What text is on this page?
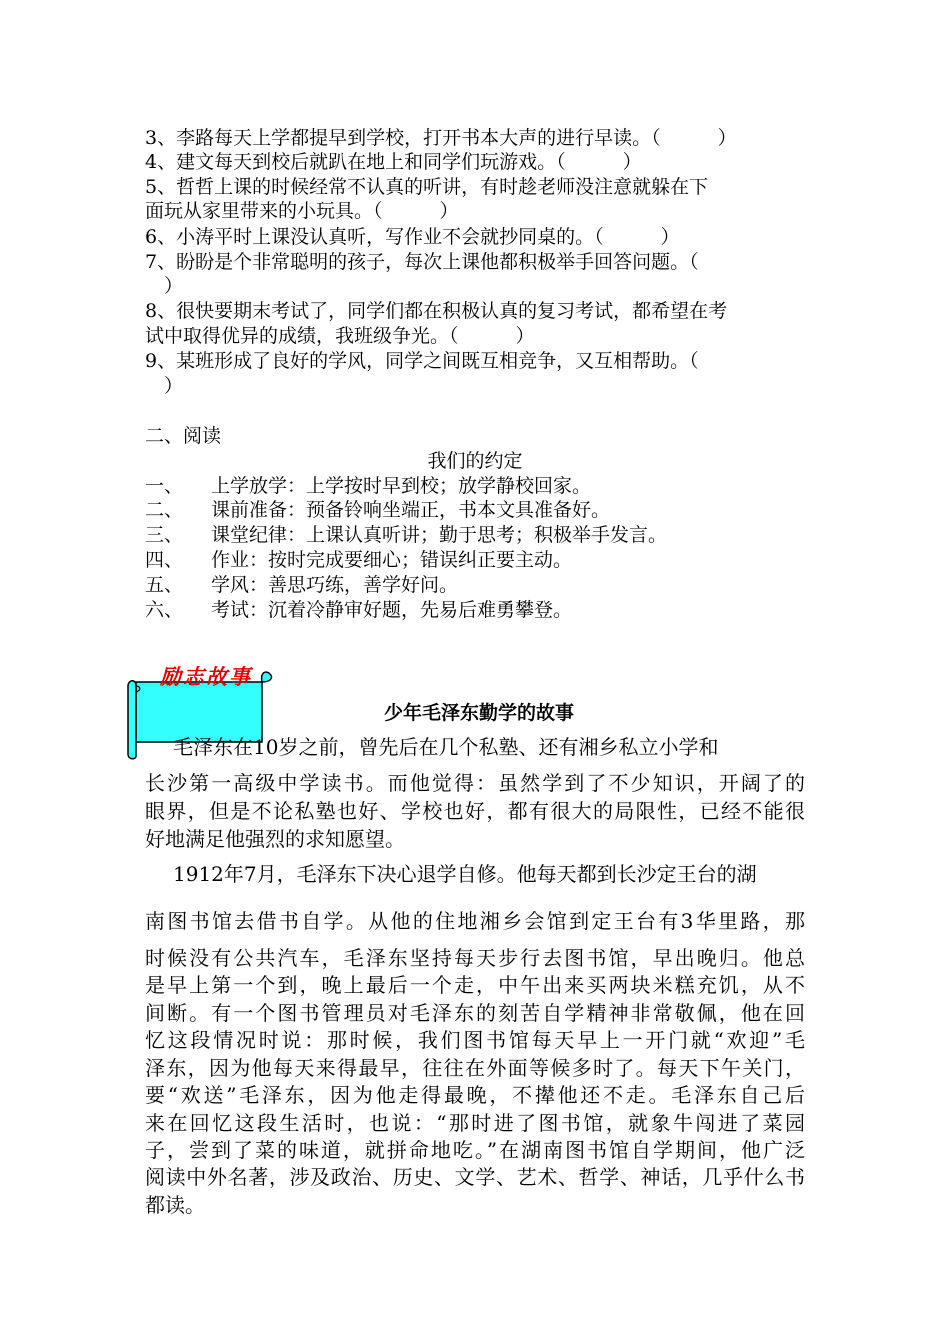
3、李路每天上学都提早到学校，打开书本大声的进行早读。（　　　）
4、建文每天到校后就趴在地上和同学们玩游戏。（　　　）
5、哲哲上课的时候经常不认真的听讲，有时趁老师没注意就躲在下
面玩从家里带来的小玩具。（　　　）
6、小涛平时上课没认真听，写作业不会就抄同桌的。（　　　）
7、盼盼是个非常聪明的孩子，每次上课他都积极举手回答问题。（
　）
8、很快要期末考试了，同学们都在积极认真的复习考试，都希望在考
试中取得优异的成绩，我班级争光。（　　　）
9、某班形成了良好的学风，同学之间既互相竞争，又互相帮助。（
　）
二、阅读
我们的约定
一、 上学放学：上学按时早到校；放学静校回家。
二、 课前准备：预备铃响坐端正，书本文具准备好。
三、 课堂纪律：上课认真听讲；勤于思考；积极举手发言。
四、 作业：按时完成要细心；错误纠正要主动。
五、 学风：善思巧练，善学好问。
六、 考试：沉着冷静审好题，先易后难勇攀登。
励志故事
少年毛泽东勤学的故事
毛泽东在10岁之前，曾先后在几个私塾、还有湘乡私立小学和
长沙第一高级中学读书。而他觉得：虽然学到了不少知识，开阔了的
眼界，但是不论私塾也好、学校也好，都有很大的局限性，已经不能很
好地满足他强烈的求知愿望。
1912年7月，毛泽东下决心退学自修。他每天都到长沙定王台的湖
南图书馆去借书自学。从他的住地湘乡会馆到定王台有3华里路，那
时候没有公共汽车，毛泽东坚持每天步行去图书馆，早出晚归。他总
是早上第一个到，晚上最后一个走，中午出来买两块米糕充饥，从不
间断。有一个图书管理员对毛泽东的刻苦自学精神非常敬佩，他在回
忆这段情况时说：那时候，我们图书馆每天早上一开门就“欢迎”毛
泽东，因为他每天来得最早，往往在外面等候多时了。每天下午关门，
要“欢送”毛泽东，因为他走得最晚，不撵他还不走。毛泽东自己后
来在回忆这段生活时，也说：“那时进了图书馆，就象牛闯进了菜园
子，尝到了菜的味道，就拼命地吃。”在湖南图书馆自学期间，他广泛
阅读中外名著，涉及政治、历史、文学、艺术、哲学、神话，几乎什么书
都读。
